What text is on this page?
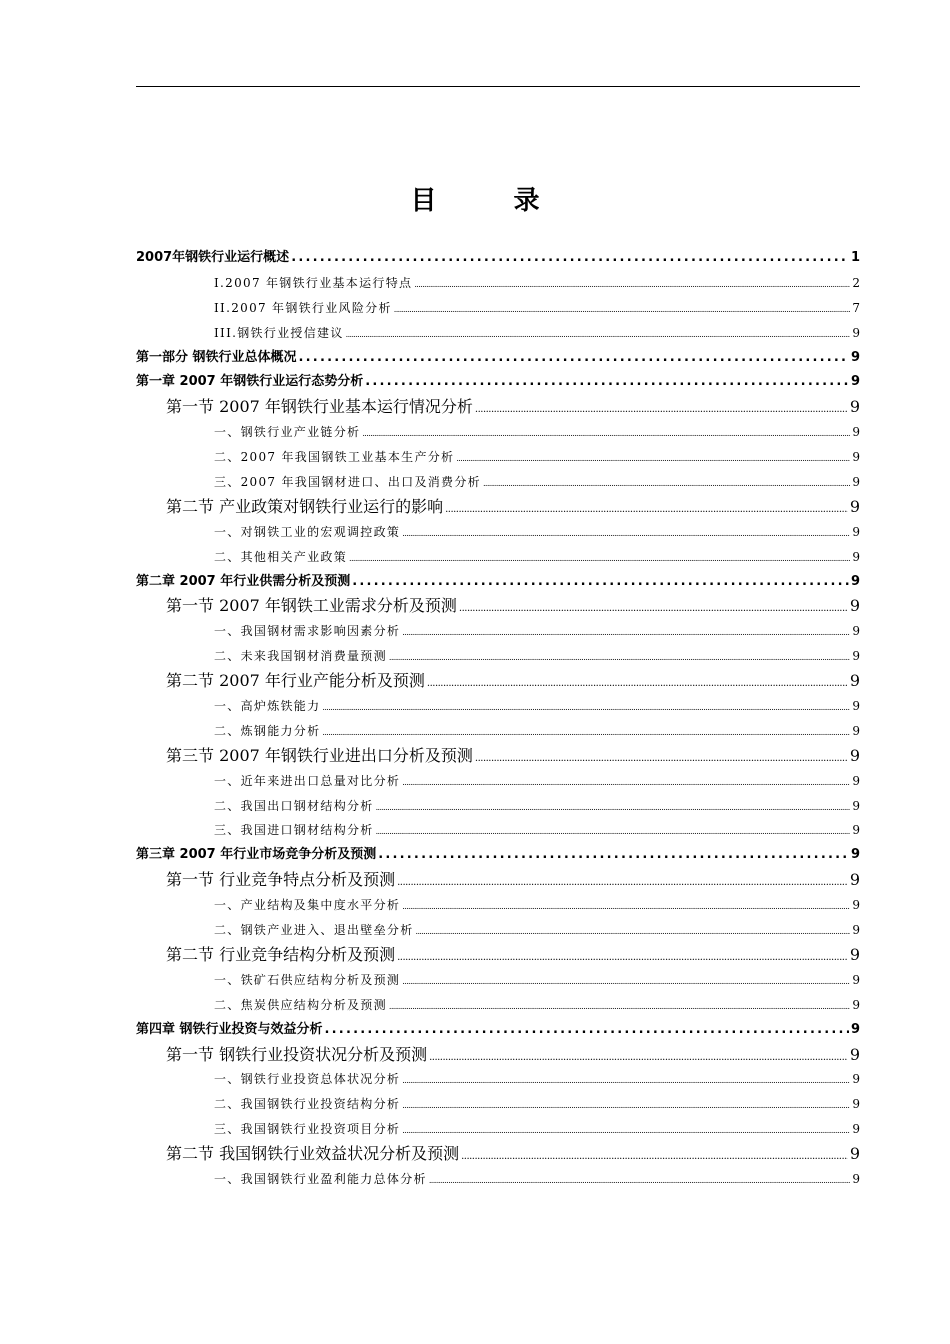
目 录
2007年钢铁行业运行概述 .....	1
I.2007 年钢铁行业基本运行特点 .....	2
II.2007 年钢铁行业风险分析 .....	7
III.钢铁行业授信建议 .....	9
第一部分 钢铁行业总体概况 .....	9
第一章 2007 年钢铁行业运行态势分析 .....	9
第一节 2007 年钢铁行业基本运行情况分析 .....	9
一、钢铁行业产业链分析 .....	9
二、2007 年我国钢铁工业基本生产分析 .....	9
三、2007 年我国钢材进口、出口及消费分析 .....	9
第二节 产业政策对钢铁行业运行的影响 .....	9
一、对钢铁工业的宏观调控政策 .....	9
二、其他相关产业政策 .....	9
第二章 2007 年行业供需分析及预测 .....	9
第一节 2007 年钢铁工业需求分析及预测 .....	9
一、我国钢材需求影响因素分析 .....	9
二、未来我国钢材消费量预测 .....	9
第二节 2007 年行业产能分析及预测 .....	9
一、高炉炼铁能力 .....	9
二、炼钢能力分析 .....	9
第三节 2007 年钢铁行业进出口分析及预测 .....	9
一、近年来进出口总量对比分析 .....	9
二、我国出口钢材结构分析 .....	9
三、我国进口钢材结构分析 .....	9
第三章 2007 年行业市场竞争分析及预测 .....	9
第一节 行业竞争特点分析及预测 .....	9
一、产业结构及集中度水平分析 .....	9
二、钢铁产业进入、退出壁垒分析 .....	9
第二节 行业竞争结构分析及预测 .....	9
一、铁矿石供应结构分析及预测 .....	9
二、焦炭供应结构分析及预测 .....	9
第四章 钢铁行业投资与效益分析 .....	9
第一节 钢铁行业投资状况分析及预测 .....	9
一、钢铁行业投资总体状况分析 .....	9
二、我国钢铁行业投资结构分析 .....	9
三、我国钢铁行业投资项目分析 .....	9
第二节 我国钢铁行业效益状况分析及预测 .....	9
一、我国钢铁行业盈利能力总体分析 .....	9
